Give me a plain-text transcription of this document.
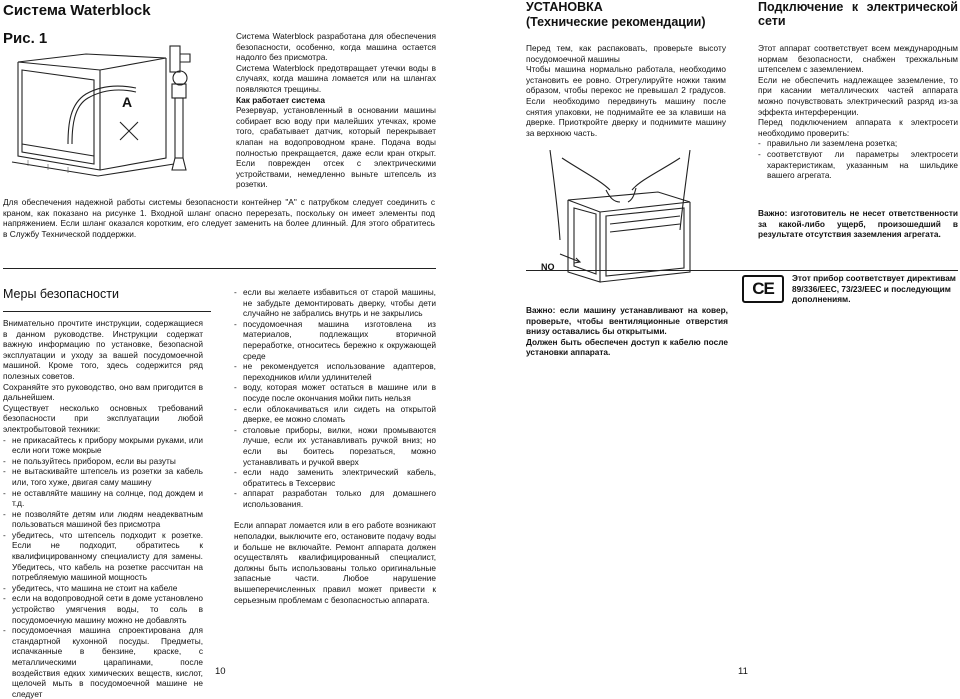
Система Waterblock
Рис. 1
A

Система Waterblock разработана для обеспечения безопасности, особенно, когда машина остается надолго без присмотра.

Система Waterblock предотвращает утечки воды в случаях, когда машина ломается или на шлангах появляются трещины.

Как работает система

Резервуар, установленный в основании машины собирает всю воду при малейших утечках, кроме того, срабатывает датчик, который перекрывает клапан на водопроводном кране. Подача воды полностью прекращается, даже если кран открыт. Если поврежден отсек с электрическими устройствами, немедленно выньте штепсель из розетки.

Для обеспечения надежной работы системы безопасности контейнер "A" с патрубком следует соединить с краном, как показано на рисунке 1. Входной шланг опасно перерезать, поскольку он имеет элементы под напряжением. Если шланг оказался коротким, его следует заменить на более длинный. Для этого обратитесь в Службу Технической поддержки.
Меры безопасности

Внимательно прочтите инструкции, содержащиеся в данном руководстве. Инструкции содержат важную информацию по установке, безопасной эксплуатации и уходу за вашей посудомоечной машиной. Кроме того, здесь содержится ряд полезных советов.

Сохраняйте это руководство, оно вам пригодится в дальнейшем.

Существует несколько основных требований безопасности при эксплуатации любой электробытовой техники:

- не прикасайтесь к прибору мокрыми руками, или если ноги тоже мокрые
- не пользуйтесь прибором, если вы разуты
- не вытаскивайте штепсель из розетки за кабель или, того хуже, двигая саму машину
- не оставляйте машину на солнце, под дождем и т.д.
- не позволяйте детям или людям неадекватным пользоваться машиной без присмотра
- убедитесь, что штепсель подходит к розетке. Если не подходит, обратитесь к квалифицированному специалисту для замены. Убедитесь, что кабель на розетке рассчитан на потребляемую машиной мощность
- убедитесь, что машина не стоит на кабеле
- если на водопроводной сети в доме установлено устройство умягчения воды, то соль в посудомоечную машину можно не добавлять
- посудомоечная машина спроектирована для стандартной кухонной посуды. Предметы, испачканные в бензине, краске, с металлическими царапинами, после воздействия едких химических веществ, кислот, щелочей мыть в посудомоечной машине не следует
- если вы желаете избавиться от старой машины, не забудьте демонтировать дверку, чтобы дети случайно не забрались внутрь и не закрылись
- посудомоечная машина изготовлена из материалов, подлежащих вторичной переработке, относитесь бережно к окружающей среде
- не рекомендуется использование адаптеров, переходников и/или удлинителей
- воду, которая может остаться в машине или в посуде после окончания мойки пить нельзя
- если облокачиваться или сидеть на открытой дверке, ее можно сломать
- столовые приборы, вилки, ножи промываются лучше, если их устанавливать ручкой вниз; но если вы боитесь порезаться, можно устанавливать и ручкой вверх
- если надо заменить электрический кабель, обратитесь в Техсервис
- аппарат разработан только для домашнего использования.

Если аппарат ломается или в его работе возникают неполадки, выключите его, остановите подачу воды и больше не включайте. Ремонт аппарата должен осуществлять квалифицированный специалист, должны быть использованы только оригинальные запасные части. Любое нарушение вышеперечисленных правил может привести к серьезным проблемам с безопасностью аппарата.

10
УСТАНОВКА
(Технические рекомендации)
Перед тем, как распаковать, проверьте высоту посудомоечной машины
Чтобы машина нормально работала, необходимо установить ее ровно. Отрегулируйте ножки таким образом, чтобы перекос не превышал 2 градусов. Если необходимо передвинуть машину после снятия упаковки, не поднимайте ее за клавиши на дверке. Приоткройте дверку и поднимите машину за верхнюю часть.
NO
Важно: если машину устанавливают на ковер, проверьте, чтобы вентиляционные отверстия внизу оставались бы открытыми.
Должен быть обеспечен доступ к кабелю после установки аппарата.
Подключение к электрической сети

Этот аппарат соответствует всем международным нормам безопасности, снабжен трехжальным штепселем с заземлением.

Если не обеспечить надлежащее заземление, то при касании металлических частей аппарата можно почувствовать электрический разряд из-за эффекта интерференции.

Перед подключением аппарата к электросети необходимо проверить:

- правильно ли заземлена розетка;
- соответствуют ли параметры электросети характеристикам, указанным на шильдике вашего агрегата.
Важно: изготовитель не несет ответственности за какой-либо ущерб, произошедший в результате отсутствия заземления агрегата.
CE
Этот прибор соответствует директивам 89/336/EEC, 73/23/EEC и последующим дополнениям.
11
